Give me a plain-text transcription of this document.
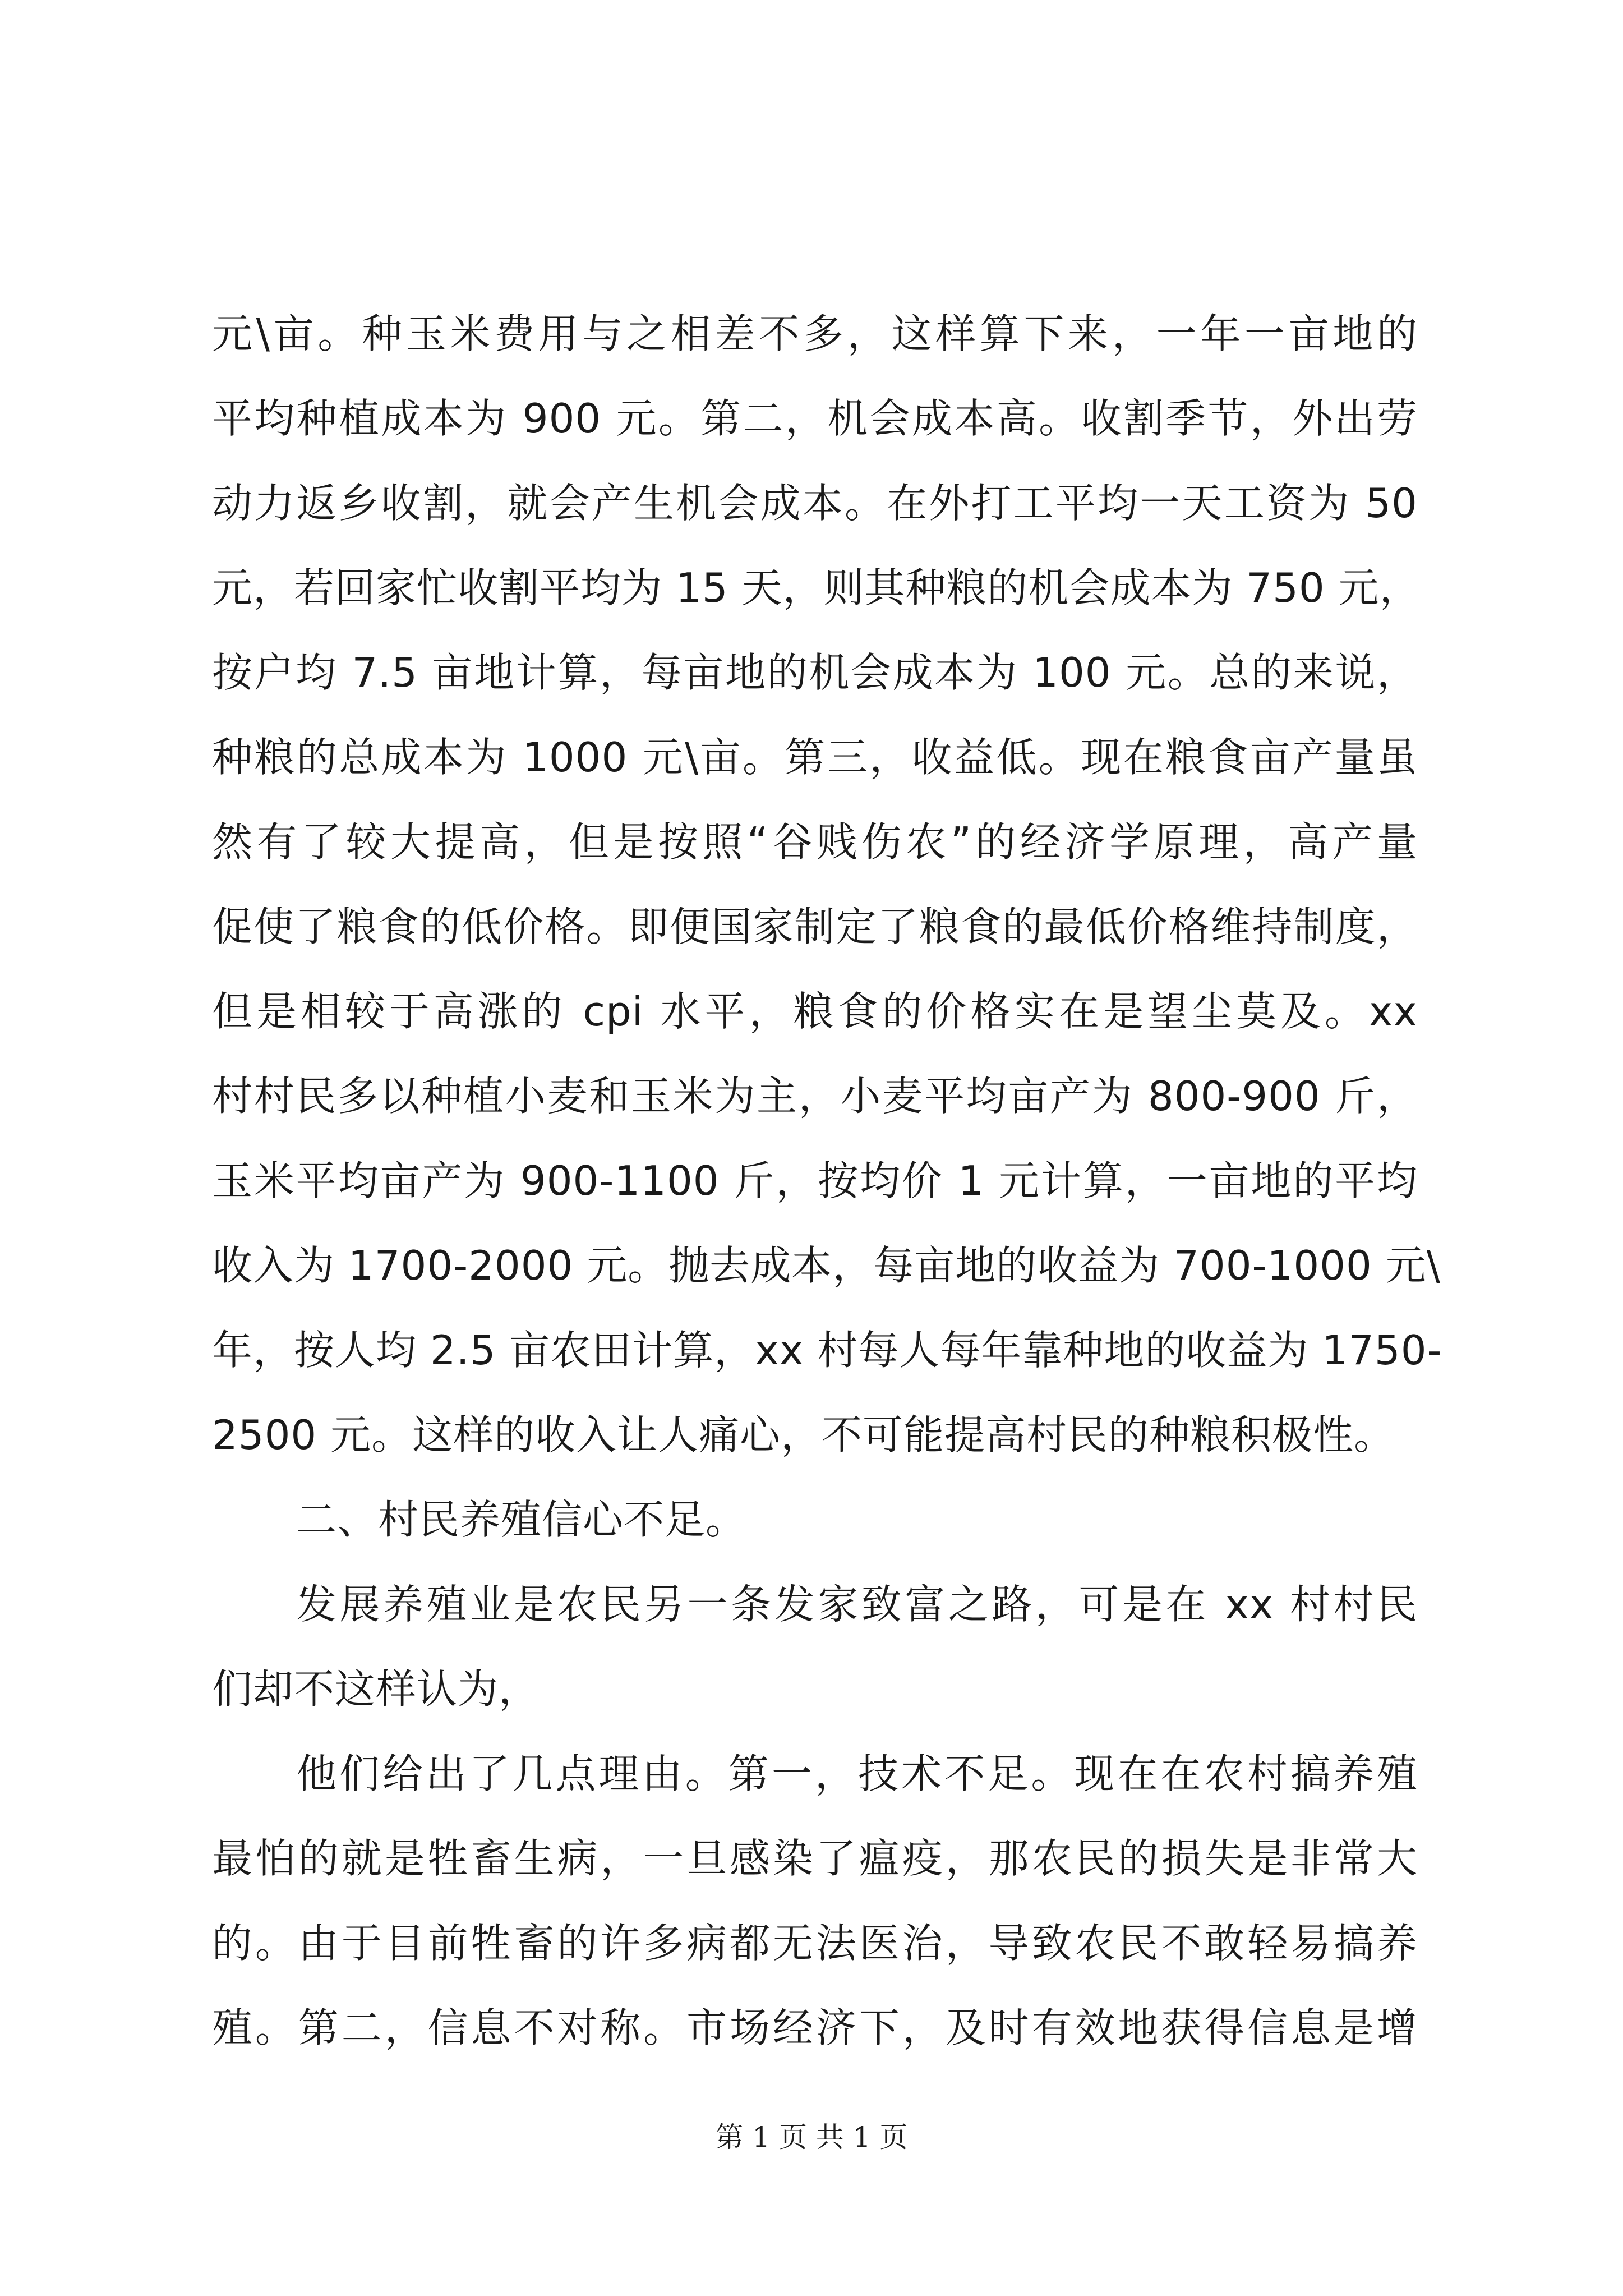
元\亩。种玉米费用与之相差不多，这样算下来，一年一亩地的
平均种植成本为 900 元。第二，机会成本高。收割季节，外出劳
动力返乡收割，就会产生机会成本。在外打工平均一天工资为 50
元，若回家忙收割平均为 15 天，则其种粮的机会成本为 750 元，
按户均 7.5 亩地计算，每亩地的机会成本为 100 元。总的来说，
种粮的总成本为 1000 元\亩。第三，收益低。现在粮食亩产量虽
然有了较大提高，但是按照“谷贱伤农”的经济学原理，高产量
促使了粮食的低价格。即便国家制定了粮食的最低价格维持制度，
但是相较于高涨的 cpi 水平，粮食的价格实在是望尘莫及。xx
村村民多以种植小麦和玉米为主，小麦平均亩产为 800-900 斤，
玉米平均亩产为 900-1100 斤，按均价 1 元计算，一亩地的平均
收入为 1700-2000 元。抛去成本，每亩地的收益为 700-1000 元\
年，按人均 2.5 亩农田计算，xx 村每人每年靠种地的收益为 1750-
2500 元。这样的收入让人痛心，不可能提高村民的种粮积极性。
二、村民养殖信心不足。
发展养殖业是农民另一条发家致富之路，可是在 xx 村村民
们却不这样认为，
他们给出了几点理由。第一，技术不足。现在在农村搞养殖
最怕的就是牲畜生病，一旦感染了瘟疫，那农民的损失是非常大
的。由于目前牲畜的许多病都无法医治，导致农民不敢轻易搞养
殖。第二，信息不对称。市场经济下，及时有效地获得信息是增
第 1 页 共 1 页
